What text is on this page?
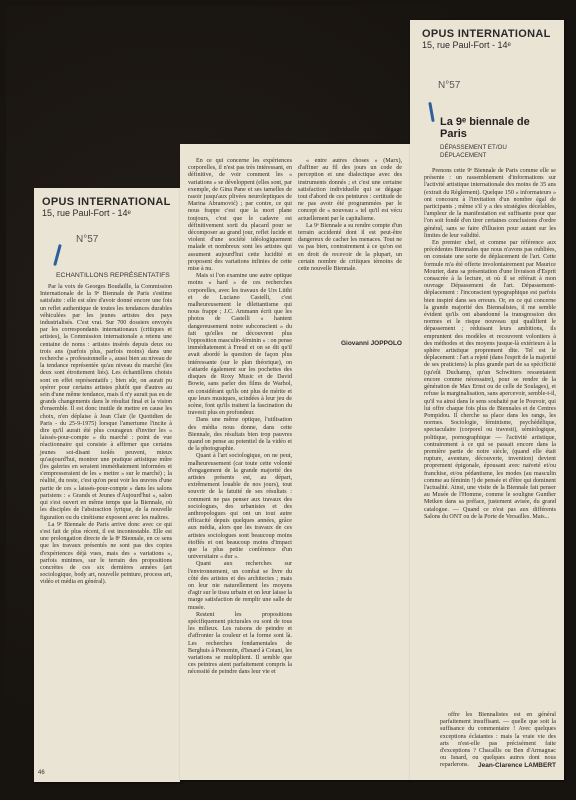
OPUS INTERNATIONAL
15, rue Paul-Fort - 14ᵉ
N°57
ECHANTILLONS REPRÉSENTATIFS

Par la voix de Georges Boudaille, la Commission Internationale de la 9ᵉ Biennale de Paris s'estime satisfaite : elle est sûre d'avoir donné encore une fois un reflet authentique de toutes les tendances durables véhiculées par les jeunes artistes des pays industrialisés. C'est vrai. Sur 700 dossiers envoyés par les correspondants internationaux (critiques et artistes), la Commission internationale a retenu une centaine de noms : artistes insérés depuis deux ou trois ans (parfois plus, parfois moins) dans une recherche « professionnelle », aussi bien au niveau de la tendance représentée qu'au niveau du marché (les deux sont étroitement liés). Les échantillons choisis sont en effet représentatifs ; bien sûr, on aurait pu opérer pour certains artistes plutôt que d'autres au sein d'une même tendance, mais il n'y aurait pas eu de grands changements dans le résultat final et la vision d'ensemble. Il est donc inutile de mettre en cause les choix, n'en déplaise à Jean Clair (le Quotidien de Paris - du 25-9-1975) lorsque l'amertume l'incite à dire qu'il aurait été plus courageux d'inviter les « laissés-pour-compte » du marché : point de vue réactionnaire qui consiste à affirmer que certains jeunes soi-disant isolés peuvent, mieux qu'aujourd'hui, montrer une pratique artistique mûre (les galeries en seraient immédiatement informées et s'empresseraient de les « mettre » sur le marché) ; la réalité, du reste, c'est qu'on peut voir les œuvres d'une partie de ces « laissés-pour-compte » dans les salons parisiens : « Grands et Jeunes d'Aujourd'hui », salon qui s'est ouvert en même temps que la Biennale, où les disciples de l'abstraction lyrique, de la nouvelle figuration ou du cinétisme exposent avec les maîtres.

La 9ᵉ Biennale de Paris arrive donc avec ce qui s'est fait de plus récent, il est incontestable. Elle est une prolongation directe de la 8ᵉ Biennale, en ce sens que les travaux présentés ne sont pas des copies d'expériences déjà vues, mais des « variations », parfois minimes, sur le terrain des propositions concrètes de ces six dernières années (art sociologique, body art, nouvelle peinture, process art, vidéo et média en général).

46

En ce qui concerne les expériences corporelles, il n'est pas très intéressant, en définitive, de voir comment les « variations » se développent (elles sont, par exemple, de Gina Pane et ses tamelles de rasoir jusqu'aux plivées neuroleptiques de Marina Abramović) ; par contre, ce qui nous frappe c'est que la mort plane toujours, c'est que le cadavre est définitivement sorti du placard pour se décomposer au grand jour, reflet lucide et violent d'une société idéologiquement malade et nombreux sont les artistes qui assument aujourd'hui cette lucidité et proposent des variations infinies de cette mise à nu.

Mais si l'on examine une autre optique moins « hard » de ces recherches corporelles, avec les travaux de Urs Lüthi et de Luciano Castelli, c'est malheureusement le dilettantisme qui nous frappe ; J.C. Ammann écrit que les photos de Castelli « hantent dangereusement notre subconscient » du fait qu'elles ne découvrent plus l'opposition masculin-féminin » : on pense immédiatement à Freud et on se dit qu'il avait abordé la question de façon plus intéressante (sur le plan théorique), on s'attarde également sur les pochettes des disques de Roxy Music et de David Bowie, sans parler des films de Warhol, en considérant qu'ils ont plus de mérite et que leurs musiques, scindées à leur jeu de scène, font qu'ils traitent la fascination du travesti plus en profondeur.

Dans une même optique, l'utilisation des média nous donne, dans cette Biennale, des résultats bien trop pauvres quand on pense au potentiel de la vidéo et de la photographie.

Quant à l'art sociologique, on ne peut, malheureusement (car toute cette volonté d'engagement de la grande majorité des artistes présents est, au départ, extrêmement louable de nos jours), tout souvrir de la fatuité de ses résultats : comment ne pas penser aux travaux des sociologues, des urbanistes et des anthropologues qui ont un tout autre efficacité depuis quelques années, grâce aux média, alors que les travaux de ces artistes sociologues sont beaucoup moins étoffés et ont beaucoup moins d'impact que la plus petite conférence d'un universitaire « dur ».

Quant aux recherches sur l'environnement, un combat se livre du côté des artistes et des architectes ; mais on leur nie naturellement les moyens d'agir sur le tissu urbain et on leur laisse la marge satisfaction de remplir une salle de musée.

Restent les propositions spécifiquement picturales ou sont de tous les milieux. Les raisons de peindre et d'affronter la couleur et la forme sont là. Les recherches fondamentales de Berghuis à Ponomin, d'Isnard à Cotani, les variations se multiplient. Il semble que ces peintres aient parfaitement compris la nécessité de peindre dans leur vie et

« entre autres choses » (Marx), d'affiner au fil des jours un code de perception et une dialectique avec des instruments donnés ; et c'est une certaine satisfaction individuelle qui se dégage tout d'abord de ces peintures : certitude de ne pas avoir été programmées par le concept de « nouveau » tel qu'il est vécu actuellement par le capitalisme.

La 9ᵉ Biennale a su rendre compte d'un terrain accidenté dont il est peut-être dangereux de cacher les menaces. Tout ne va pas bien, contrairement à ce qu'on est en droit de recevoir de la plupart, un certain nombre de critiques témoins de cette nouvelle Biennale.

Giovanni JOPPOLO
OPUS INTERNATIONAL
15, rue Paul-Fort - 14ᵉ
N°57
La 9ᵉ biennale de Paris
DÉPASSEMENT ET/OU DÉPLACEMENT

Prenons cette 9ᵉ Biennale de Paris comme elle se présente : un rassemblement d'informations sur l'activité artistique internationale des moins de 35 ans (extrait du Règlement). Quelque 150 « informateurs » ont concouru à l'invitation d'un nombre égal de participants ; même s'il y a des stratégies décelables, l'ampleur de la manifestation est suffisante pour que l'on soit fondé d'en tirer certaines conclusions d'ordre général, sans se faire d'illusion pour autant sur les limites de leur validité.

En premier chef, et comme par référence aux précédentes Biennales que nous n'avons pas oubliées, on constate une sorte de déplacement de l'art. Cette formule m'a été offerte involontairement par Maurice Mourier, dans sa présentation d'une livraison d'Esprit consacrée à la lecture, et où il se référait à mon ouvrage Dépassement de l'art. Dépassement-déplacement : l'inconscient typographique est parfois bien inspiré dans ses erreurs. Or, en ce qui concerne la grande majorité des Biennalistes, il me semble évident qu'ils ont abandonné la transgression des normes et le risque nouveau qui qualifient le dépassement ; réduisant leurs ambitions, ils empruntent des modèles et recouvrent volontiers à des méthodes et des moyens jusque-là extérieurs à la sphère artistique proprement dite. Tel est le déplacement : l'art a rejeté (dans l'esprit de la majorité de ses praticiens) la plus grande part de sa spécificité (qu'eût Duchamp, qu'un Schwitters ressentaient encore comme nécessaire), pour se rendre de la génération de Max Ernst ou de celle de Soulages), et refuse la marginalisation, sans apercevoir, semble-t-il, qu'il va ainsi dans le sens souhaité par le Pouvoir, qui lui offre chaque fois plus de Biennales et de Centres Pompidou. Il cherche sa place dans les rangs, les normes. Sociologie, féminisme, psychédélique, spectaculaire (corporel ou travesti), sémiologique, politique, pornographique — l'activité artistique, contrairement à ce qui se passait encore dans la première partie de notre siècle, (quand elle était rupture, aventure, découverte, invention) devient proprement épigonale, épousant avec naïveté et/ou franchise, et/ou pédantisme, les modes (au masculin comme au féminin !) de pensée et d'être qui dominent l'actualité. Ainsi, une visite de la Biennale fait penser au Musée de l'Homme, comme le souligne Gunther Metken dans sa préface, justement avisée, du grand catalogue. — Quand ce n'est pas aux différents Salons du ONT ou de la Porte de Versailles. Mais...

offre les Biennalistes est en général parfaitement insuffisant. — quelle que soit la suffisance du commentaire ! Avec quelques exceptions éclatantes : mais la vraie vie des arts n'est-elle pas précisément faite d'exceptions ? Chacallis ou Ben d'Armagnac ou Isnard, ou quelques autres dont nous reparlerons.	Jean-Clarence LAMBERT
